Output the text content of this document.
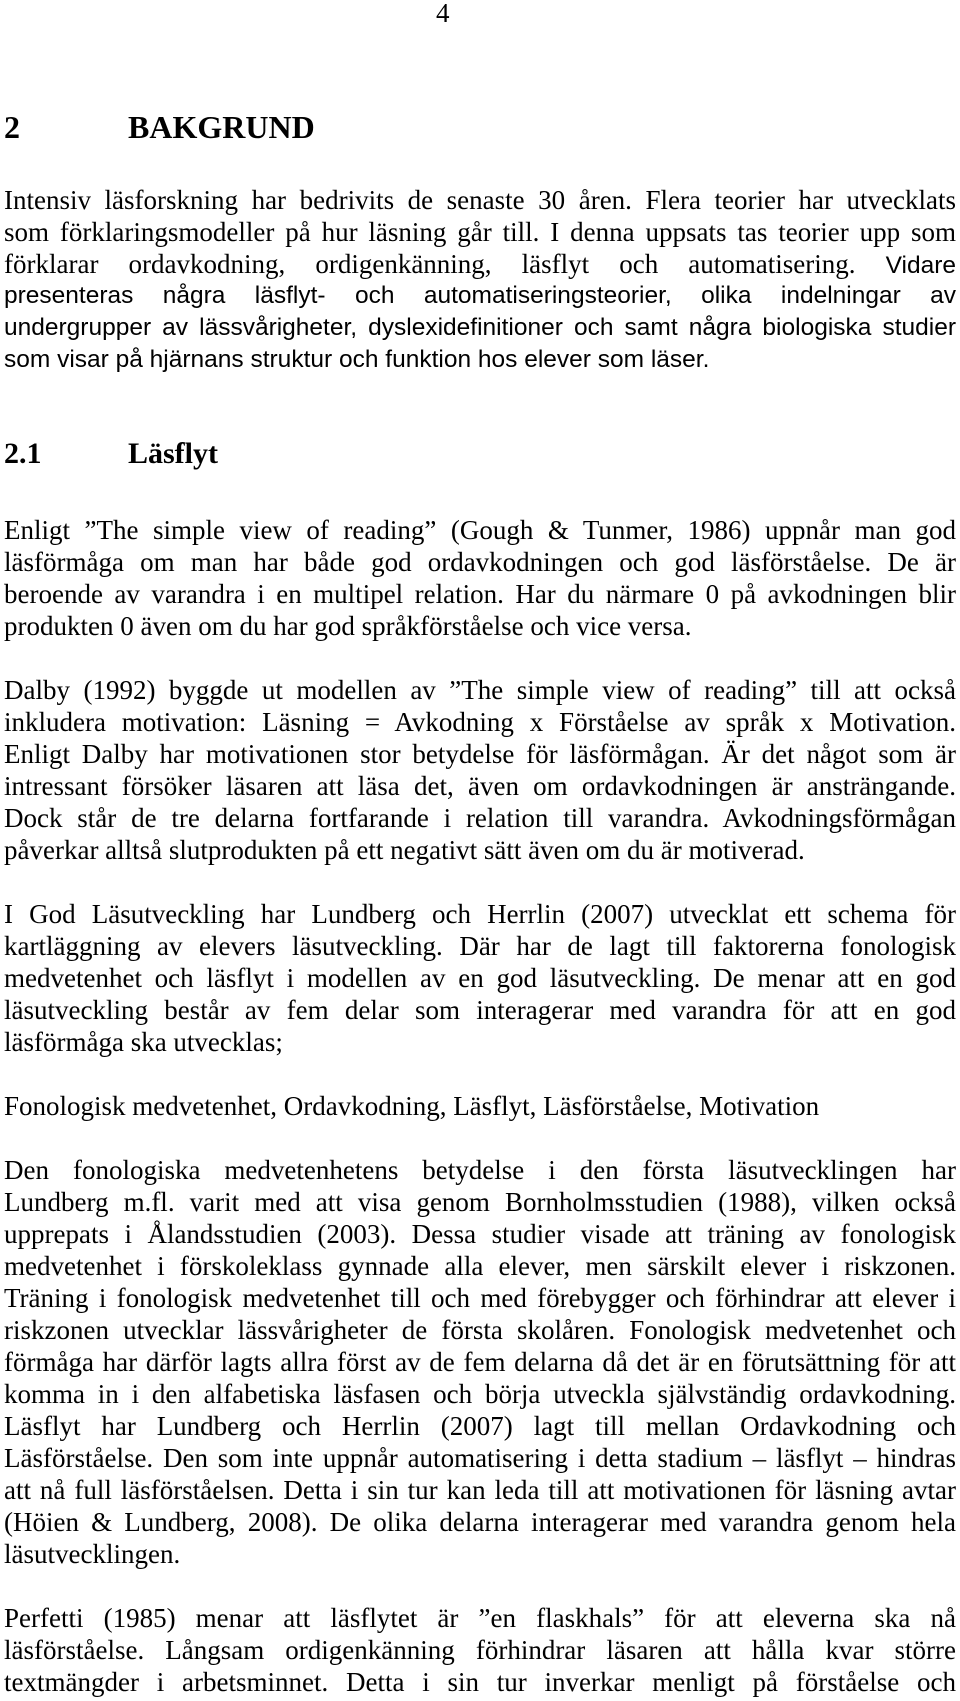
4
2	BAKGRUND
Intensiv läsforskning har bedrivits de senaste 30 åren. Flera teorier har utvecklats
som förklaringsmodeller på hur läsning går till. I denna uppsats tas teorier upp som
förklarar ordavkodning, ordigenkänning, läsflyt och automatisering. Vidare
presenteras några läsflyt- och automatiseringsteorier, olika indelningar av
undergrupper av lässvårigheter, dyslexidefinitioner och samt några biologiska studier
som visar på hjärnans struktur och funktion hos elever som läser.
2.1	Läsflyt
Enligt ”The simple view of reading” (Gough & Tunmer, 1986) uppnår man god
läsförmåga om man har både god ordavkodningen och god läsförståelse. De är
beroende av varandra i en multipel relation. Har du närmare 0 på avkodningen blir
produkten 0 även om du har god språkförståelse och vice versa.
Dalby (1992) byggde ut modellen av ”The simple view of reading” till att också
inkludera motivation: Läsning = Avkodning x Förståelse av språk x Motivation.
Enligt Dalby har motivationen stor betydelse för läsförmågan. Är det något som är
intressant försöker läsaren att läsa det, även om ordavkodningen är ansträngande.
Dock står de tre delarna fortfarande i relation till varandra. Avkodningsförmågan
påverkar alltså slutprodukten på ett negativt sätt även om du är motiverad.
I God Läsutveckling har Lundberg och Herrlin (2007) utvecklat ett schema för
kartläggning av elevers läsutveckling. Där har de lagt till faktorerna fonologisk
medvetenhet och läsflyt i modellen av en god läsutveckling. De menar att en god
läsutveckling består av fem delar som interagerar med varandra för att en god
läsförmåga ska utvecklas;
Fonologisk medvetenhet, Ordavkodning, Läsflyt, Läsförståelse, Motivation
Den fonologiska medvetenhetens betydelse i den första läsutvecklingen har
Lundberg m.fl. varit med att visa genom Bornholmsstudien (1988), vilken också
upprepats i Ålandsstudien (2003). Dessa studier visade att träning av fonologisk
medvetenhet i förskoleklass gynnade alla elever, men särskilt elever i riskzonen.
Träning i fonologisk medvetenhet till och med förebygger och förhindrar att elever i
riskzonen utvecklar lässvårigheter de första skolåren. Fonologisk medvetenhet och
förmåga har därför lagts allra först av de fem delarna då det är en förutsättning för att
komma in i den alfabetiska läsfasen och börja utveckla självständig ordavkodning.
Läsflyt har Lundberg och Herrlin (2007) lagt till mellan Ordavkodning och
Läsförståelse. Den som inte uppnår automatisering i detta stadium – läsflyt – hindras
att nå full läsförståelsen. Detta i sin tur kan leda till att motivationen för läsning avtar
(Höien & Lundberg, 2008). De olika delarna interagerar med varandra genom hela
läsutvecklingen.
Perfetti (1985) menar att läsflytet är ”en flaskhals” för att eleverna ska nå
läsförståelse. Långsam ordigenkänning förhindrar läsaren att hålla kvar större
textmängder i arbetsminnet. Detta i sin tur inverkar menligt på förståelse och
